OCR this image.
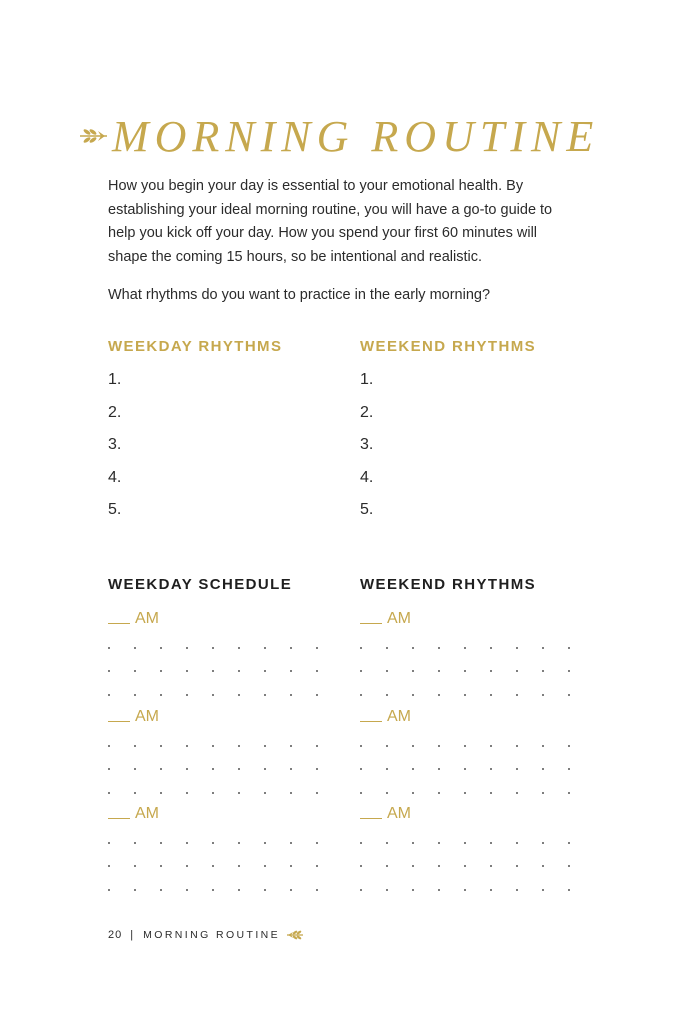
MORNING ROUTINE

How you begin your day is essential to your emotional health. By establishing your ideal morning routine, you will have a go-to guide to help you kick off your day. How you spend your first 60 minutes will shape the coming 15 hours, so be intentional and realistic.

What rhythms do you want to practice in the early morning?

WEEKDAY RHYTHMS	WEEKEND RHYTHMS
1.
2.
3.
4.
5.
1.
2.
3.
4.
5.
WEEKDAY SCHEDULE	WEEKEND RHYTHMS
AM
AM
AM
AM
AM
AM
20 | MORNING ROUTINE
